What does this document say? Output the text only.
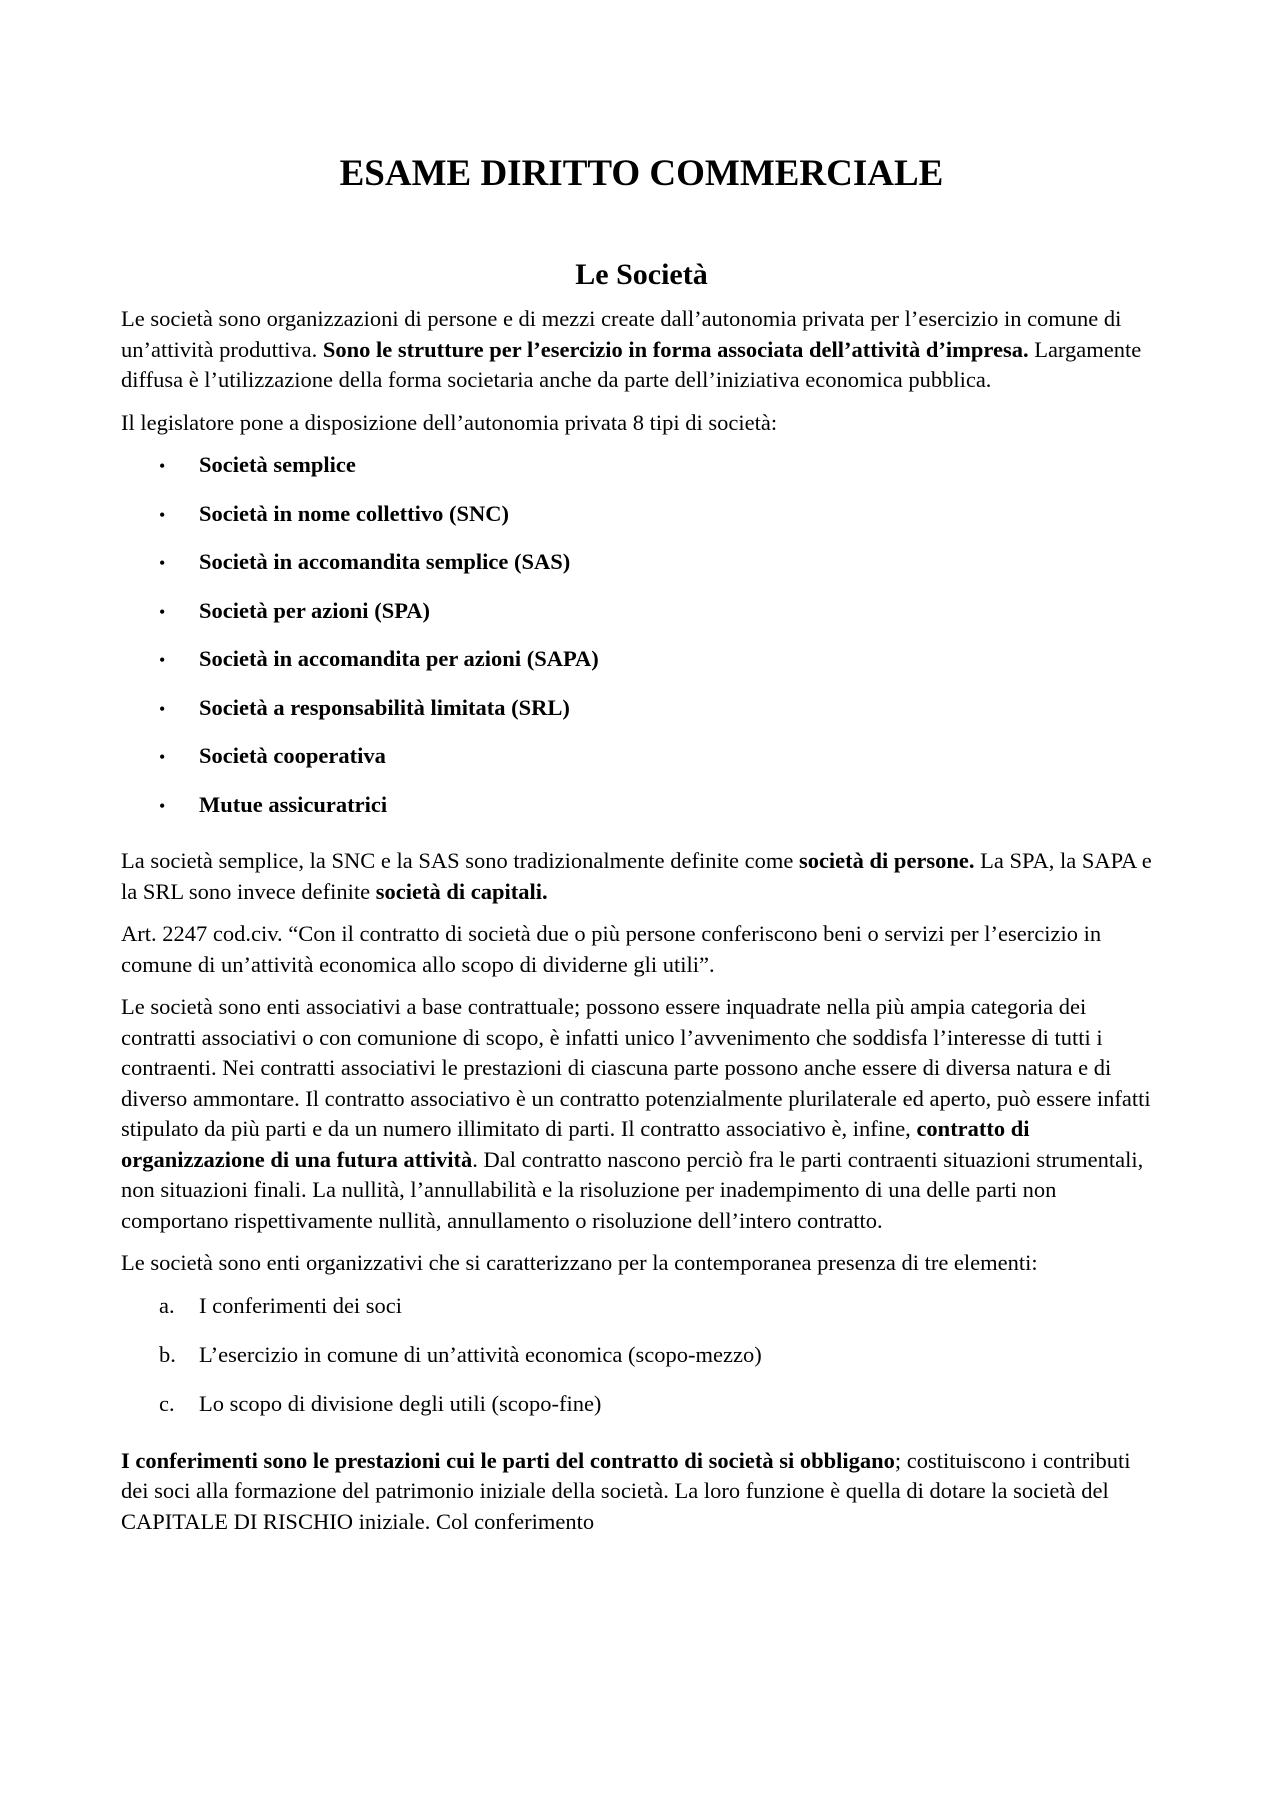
ESAME DIRITTO COMMERCIALE
Le Società

Le società sono organizzazioni di persone e di mezzi create dall’autonomia privata per l’esercizio in comune di un’attività produttiva. Sono le strutture per l’esercizio in forma associata dell’attività d’impresa. Largamente diffusa è l’utilizzazione della forma societaria anche da parte dell’iniziativa economica pubblica.

Il legislatore pone a disposizione dell’autonomia privata 8 tipi di società:

•	Società semplice
•	Società in nome collettivo (SNC)
•	Società in accomandita semplice (SAS)
•	Società per azioni (SPA)
•	Società in accomandita per azioni (SAPA)
•	Società a responsabilità limitata (SRL)
•	Società cooperativa
•	Mutue assicuratrici

La società semplice, la SNC e la SAS sono tradizionalmente definite come società di persone. La SPA, la SAPA e la SRL sono invece definite società di capitali.

Art. 2247 cod.civ. “Con il contratto di società due o più persone conferiscono beni o servizi per l’esercizio in comune di un’attività economica allo scopo di dividerne gli utili”.

Le società sono enti associativi a base contrattuale; possono essere inquadrate nella più ampia categoria dei contratti associativi o con comunione di scopo, è infatti unico l’avvenimento che soddisfa l’interesse di tutti i contraenti. Nei contratti associativi le prestazioni di ciascuna parte possono anche essere di diversa natura e di diverso ammontare. Il contratto associativo è un contratto potenzialmente plurilaterale ed aperto, può essere infatti stipulato da più parti e da un numero illimitato di parti. Il contratto associativo è, infine, contratto di organizzazione di una futura attività. Dal contratto nascono perciò fra le parti contraenti situazioni strumentali, non situazioni finali. La nullità, l’annullabilità e la risoluzione per inadempimento di una delle parti non comportano rispettivamente nullità, annullamento o risoluzione dell’intero contratto.

Le società sono enti organizzativi che si caratterizzano per la contemporanea presenza di tre elementi:

a.	I conferimenti dei soci
b.	L’esercizio in comune di un’attività economica (scopo-mezzo)
c.	Lo scopo di divisione degli utili (scopo-fine)

I conferimenti sono le prestazioni cui le parti del contratto di società si obbligano; costituiscono i contributi dei soci alla formazione del patrimonio iniziale della società. La loro funzione è quella di dotare la società del CAPITALE DI RISCHIO iniziale. Col conferimento
